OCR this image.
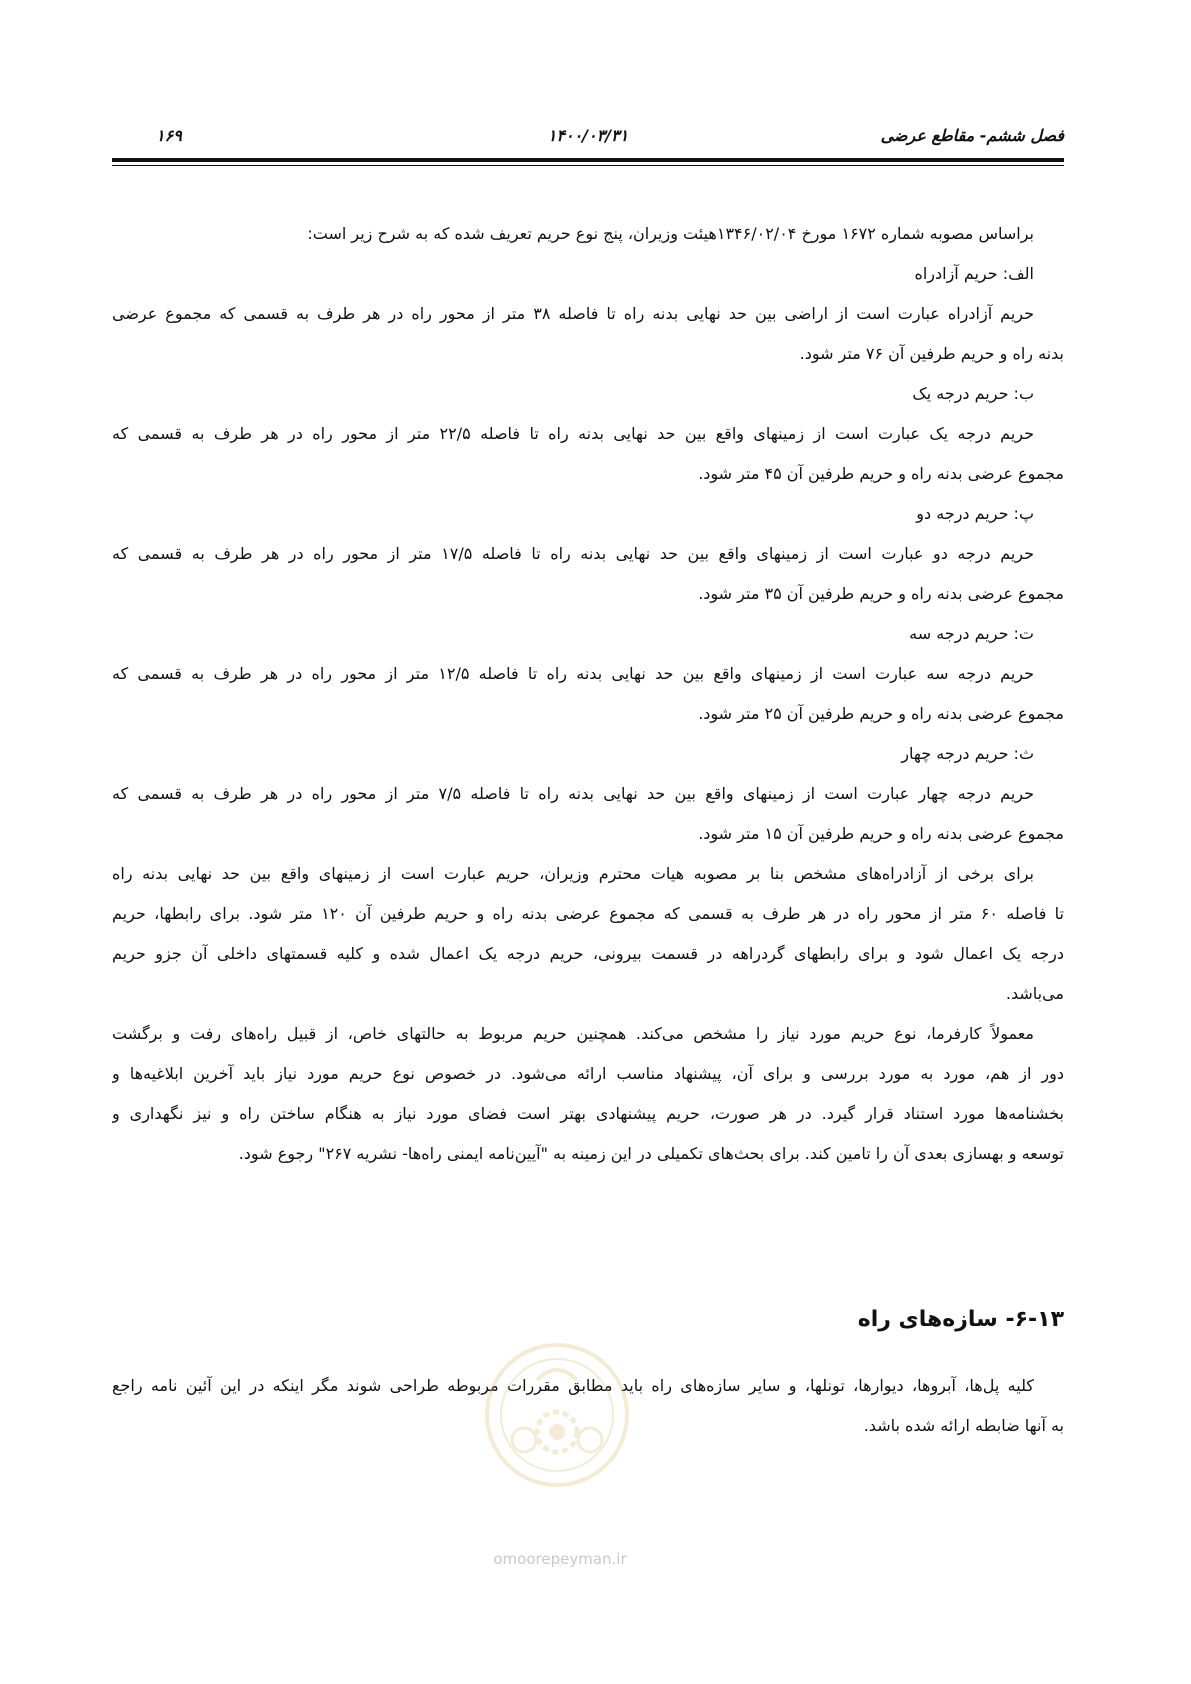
فصل ششم- مقاطع عرضی
۱۴۰۰/۰۳/۳۱
۱۶۹
براساس مصوبه شماره ۱۶۷۲ مورخ ۱۳۴۶/۰۲/۰۴هیئت وزیران، پنج نوع حریم تعریف شده که به شرح زیر است:
الف: حریم آزادراه
حریم آزادراه عبارت است از اراضی بین حد نهایی بدنه راه تا فاصله ۳۸ متر از محور راه در هر طرف به قسمی که مجموع عرضی
بدنه راه و حریم طرفین آن ۷۶ متر شود.
ب: حریم درجه یک
حریم درجه یک عبارت است از زمینهای واقع بین حد نهایی بدنه راه تا فاصله ۲۲/۵ متر از محور راه در هر طرف به قسمی که
مجموع عرضی بدنه راه و حریم طرفین آن ۴۵ متر شود.
پ: حریم درجه دو
حریم درجه دو عبارت است از زمینهای واقع بین حد نهایی بدنه راه تا فاصله ۱۷/۵ متر از محور راه در هر طرف به قسمی که
مجموع عرضی بدنه راه و حریم طرفین آن ۳۵ متر شود.
ت: حریم درجه سه
حریم درجه سه عبارت است از زمینهای واقع بین حد نهایی بدنه راه تا فاصله ۱۲/۵ متر از محور راه در هر طرف به قسمی که
مجموع عرضی بدنه راه و حریم طرفین آن ۲۵ متر شود.
ث: حریم درجه چهار
حریم درجه چهار عبارت است از زمینهای واقع بین حد نهایی بدنه راه تا فاصله ۷/۵ متر از محور راه در هر طرف به قسمی که
مجموع عرضی بدنه راه و حریم طرفین آن ۱۵ متر شود.
برای برخی از آزادراه‌های مشخص بنا بر مصوبه هیات محترم وزیران، حریم عبارت است از زمینهای واقع بین حد نهایی بدنه راه
تا فاصله ۶۰ متر از محور راه در هر طرف به قسمی که مجموع عرضی بدنه راه و حریم طرفین آن ۱۲۰ متر شود. برای رابطها، حریم
درجه یک اعمال شود و برای رابطهای گردراهه در قسمت بیرونی، حریم درجه یک اعمال شده و کلیه قسمتهای داخلی آن جزو حریم
می‌باشد.
معمولاً کارفرما، نوع حریم مورد نیاز را مشخص می‌کند. همچنین حریم مربوط به حالتهای خاص، از قبیل راه‌های رفت و برگشت
دور از هم، مورد به مورد بررسی و برای آن، پیشنهاد مناسب ارائه می‌شود. در خصوص نوع حریم مورد نیاز باید آخرین ابلاغیه‌ها و
بخشنامه‌ها مورد استناد قرار گیرد. در هر صورت، حریم پیشنهادی بهتر است فضای مورد نیاز به هنگام ساختن راه و نیز نگهداری و
توسعه و بهسازی بعدی آن را تامین کند. برای بحث‌های تکمیلی در این زمینه به "آیین‌نامه ایمنی راه‌ها- نشریه ۲۶۷" رجوع شود.
۶-۱۳- سازه‌های راه
کلیه پل‌ها، آبروها، دیوارها، تونلها، و سایر سازه‌های راه باید مطابق مقررات مربوطه طراحی شوند مگر اینکه در این آئین نامه راجع
به آنها ضابطه ارائه شده باشد.
omoorepeyman.ir
